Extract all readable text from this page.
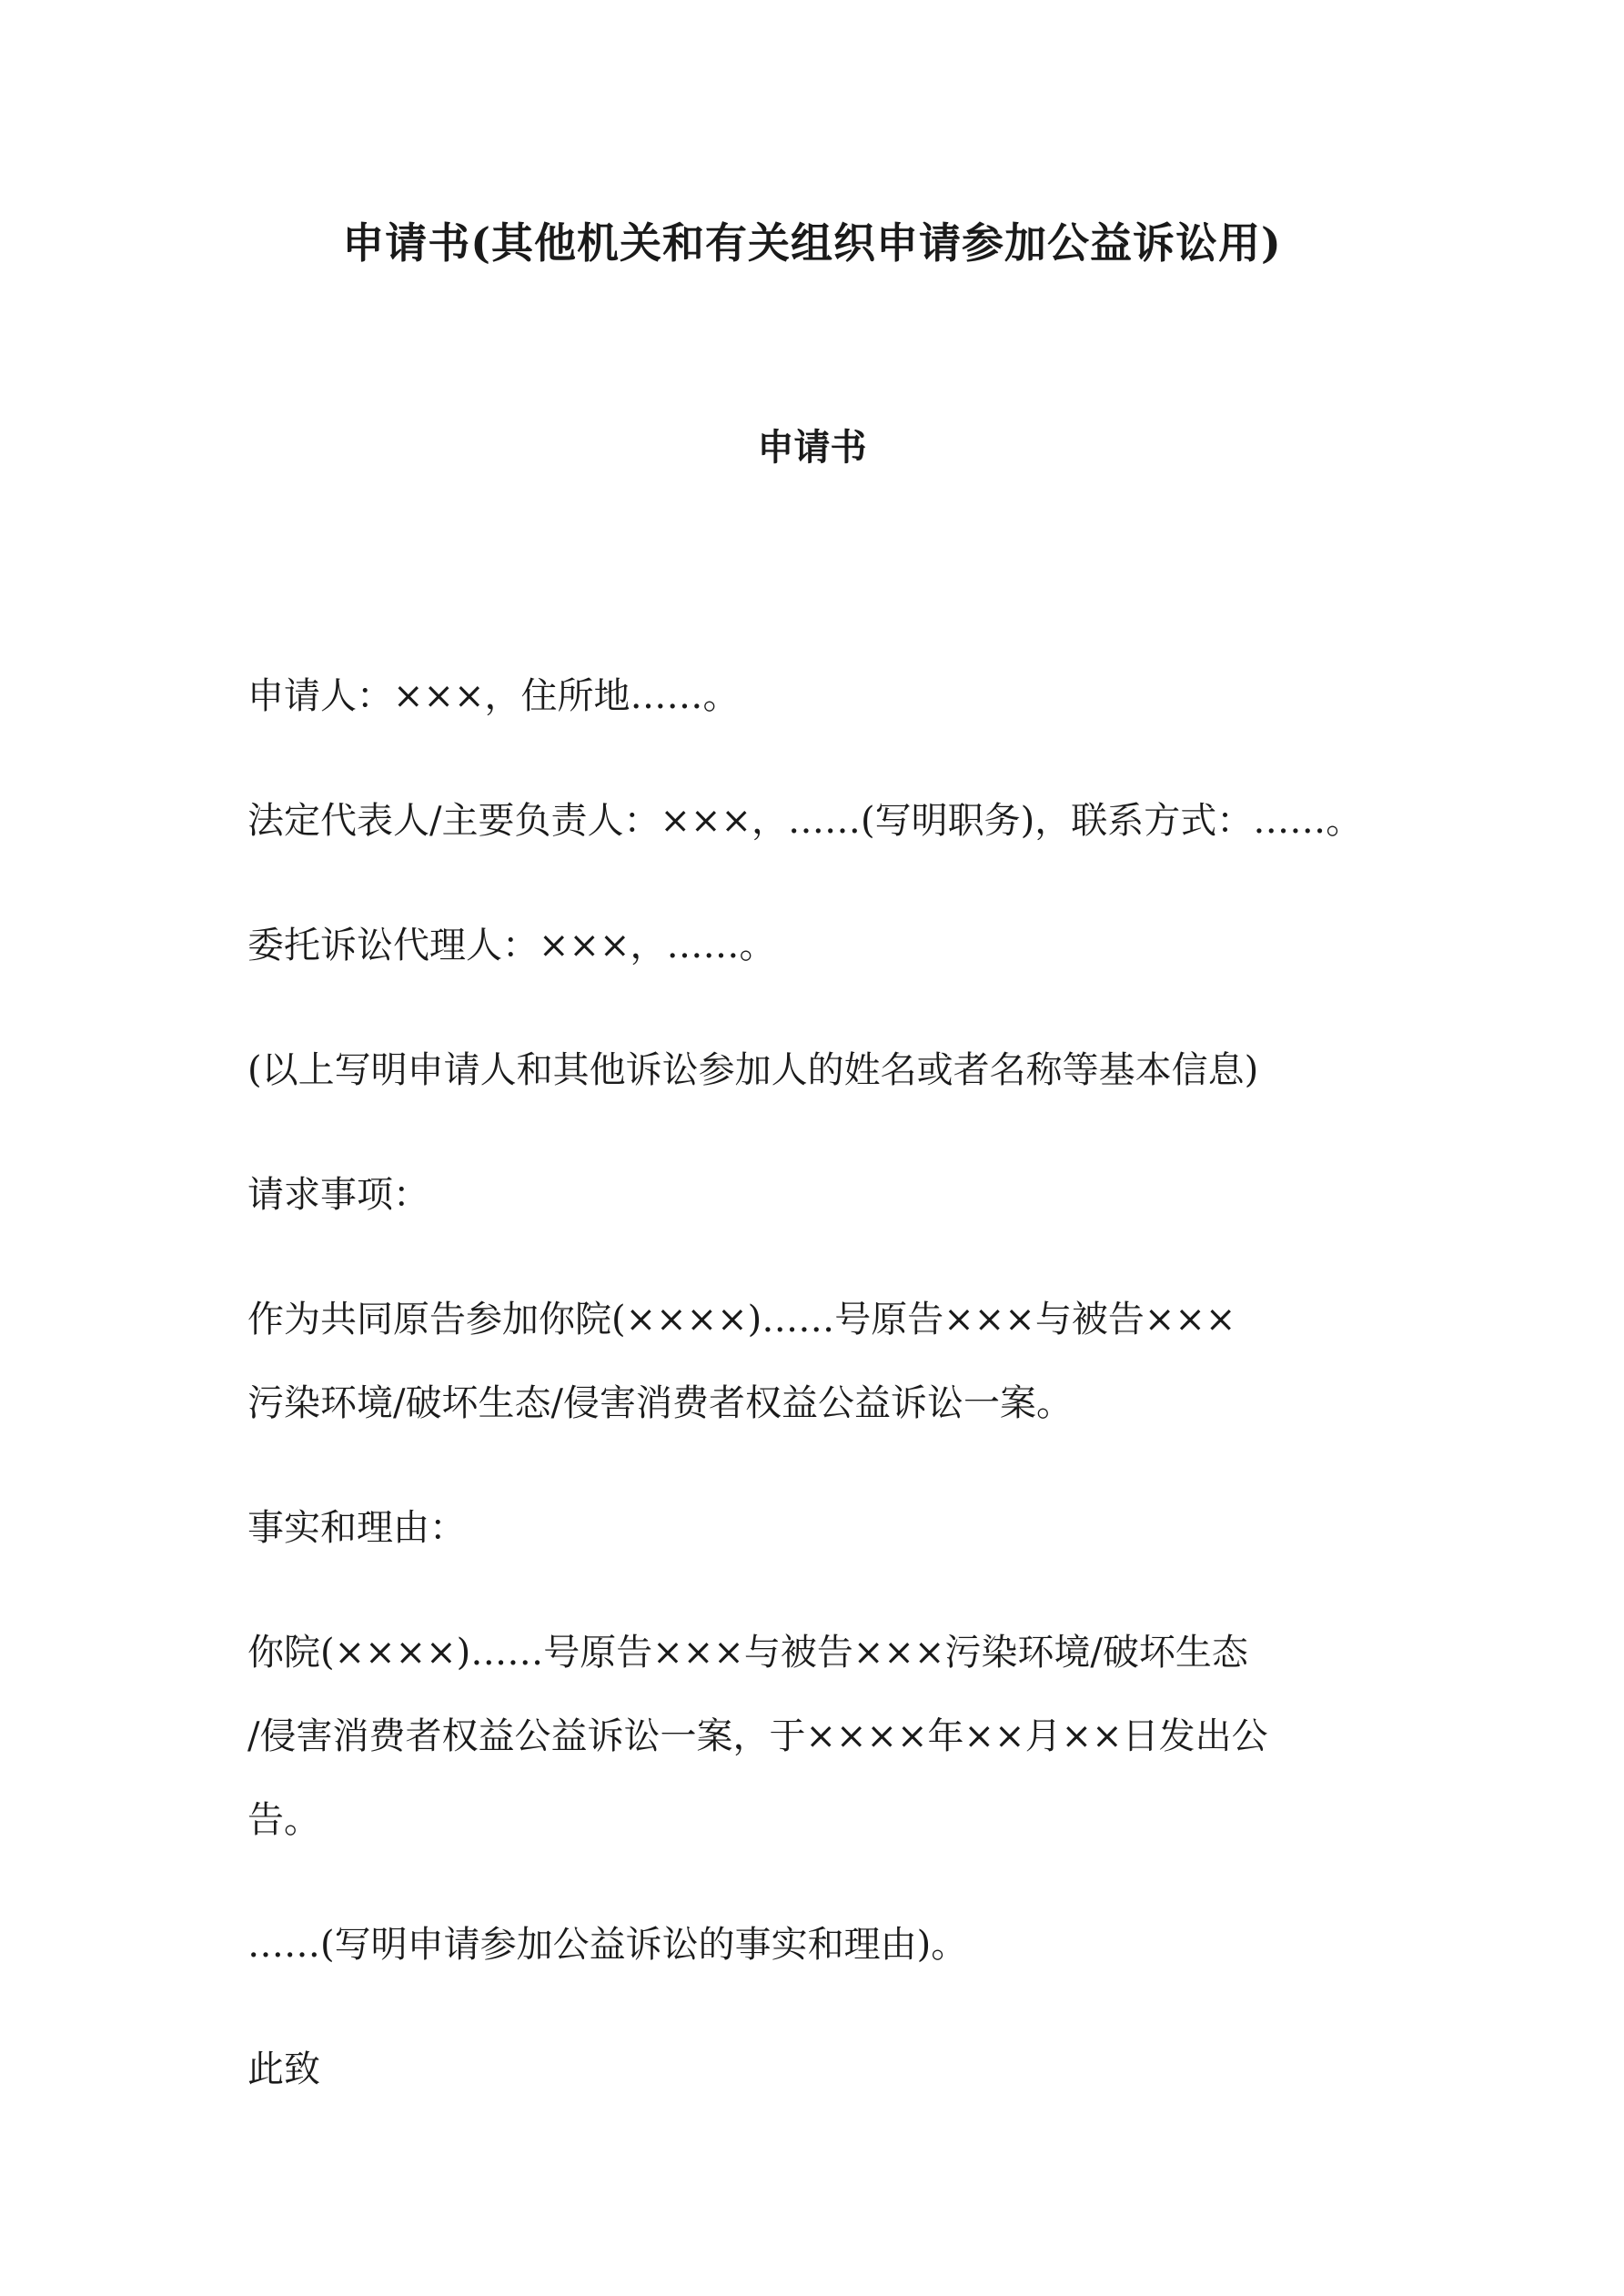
申请书(其他机关和有关组织申请参加公益诉讼用)
申请书

申请人：×××，住所地……。

法定代表人/主要负责人：×××，……(写明职务)，联系方式：……。

委托诉讼代理人：×××，……。

(以上写明申请人和其他诉讼参加人的姓名或者名称等基本信息)

请求事项：

作为共同原告参加你院(××××)……号原告×××与被告×××

污染环境/破坏生态/侵害消费者权益公益诉讼一案。

事实和理由：

你院(××××)……号原告×××与被告×××污染环境/破坏生态

/侵害消费者权益公益诉讼一案，于××××年××月××日发出公

告。

……(写明申请参加公益诉讼的事实和理由)。

此致
